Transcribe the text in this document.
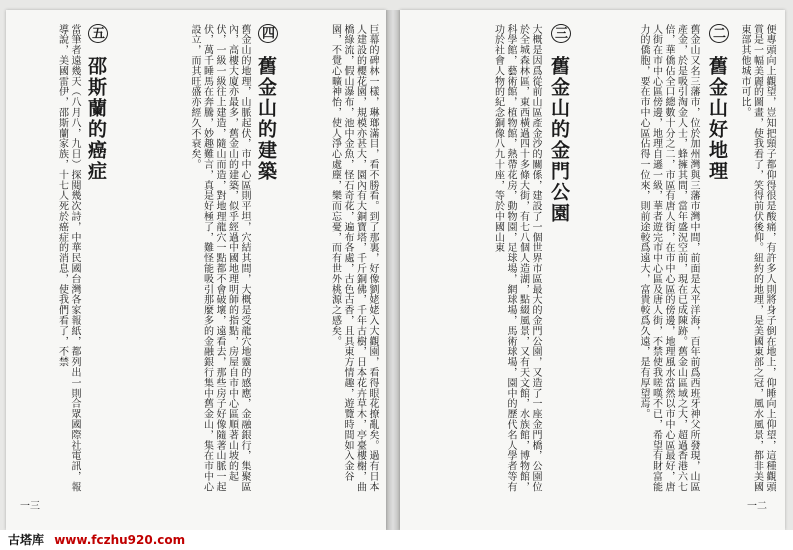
便專頭向上觀望，豈知把頸子都仰得很是酸痛，有許多人則將身子倒在地上，仰睡向上仰望，這種觀頭賞是一幅美麗的圖畫，使我看了，笑得前伏後仰。紐約的地理，是美國東部之冠，風水風景，都非美國東部其他城市可比。
二 舊金山好地理
舊金山又名三藩市，位於加州灣與三藩市灣中間，前面是太平洋海，百年前爲西班牙神父所發現，山區產金，於是吸引淘金人士，蜂擁其間，當年盛況空前，現在已成陳跡。舊金山區域之大，超過香港六七倍，華僑佔全口總數十分之二，市區有唐人街，在市中心區的傍邊，地理風水當然以市中心區最好，唐人街在市中心區傍邊，地理自遜一級，華者遊完市中心區及唐人街，不禁使我嗟嘆不已，希望有財富能力的僑胞，要在市中心區佔得一位來，則前途較爲遠大，富貴較爲久遠，是有厚望焉。
三 舊金山的金門公園
大概是因爲從前山區產金沙的關係，建設了一個世界市區最大的金門公園，又造了一座金門橋，公園位於全城森林區，東西橫過四十多條大街，有七八個人造湖，點綴風景，又有天文館，水族館，博物館，科學館，藝術館，植物館，熱帶花房，動物園，足球場，網球場，馬術球場，園中的歷代名人學者等有功於社會人物的紀念銅像八九十座，等於中國山東
一二
巨幕的碑林一樣，琳瑯滿目，看不勝看。到了那裏，好像劉姥姥入大觀園，看得眼花撩亂矣。過有日本人建設的櫻花園，規模亦甚大，園內有大銅寶塔，千斤銅佛，千年古樹，日本花卉草木，亭臺樓榭，曲橋綠流，假山瀑布，池中金魚，怪石奇花，遍布各處，古色古香，且具東方情趣，遊覽時間如入金谷園，不覺心曠神怡，使人淨心處塵，樂而忘憂，而有世外桃源之感矣。
四 舊金山的建築
舊金山的地理，山脈起伏，市中心區則平坦，穴結其間，大概是受龍穴地靈的感應，金融銀行，集聚區內，高樓大廈亦最多，舊金山的建築，似乎經過中國地理明師的指點，房屋自市中心區順著山坡的起伏，一級一級往上建造，隨山而造，對地理龍穴一點都不會破壞，遠看去，那些房子好像隨著山脈一起伏，萬千睡馬在奔騰，妙趣難言，真是好極了，難怪能吸引那麼多的金融銀行集中舊金山，集在市中心設立，而其旺盛亦經久不衰矣。
五 邵斯蘭的癌症
當筆者遠幾天（八月八，九日）探閱幾次詩，中華民國台灣各家報紙，都列出一則合眾國際社電訊，報導說，美國雷伊，邵斯蘭家族，十七人死於癌症的消息，使我們看了，不禁
一三
古塔库 www.fczhu920.com
